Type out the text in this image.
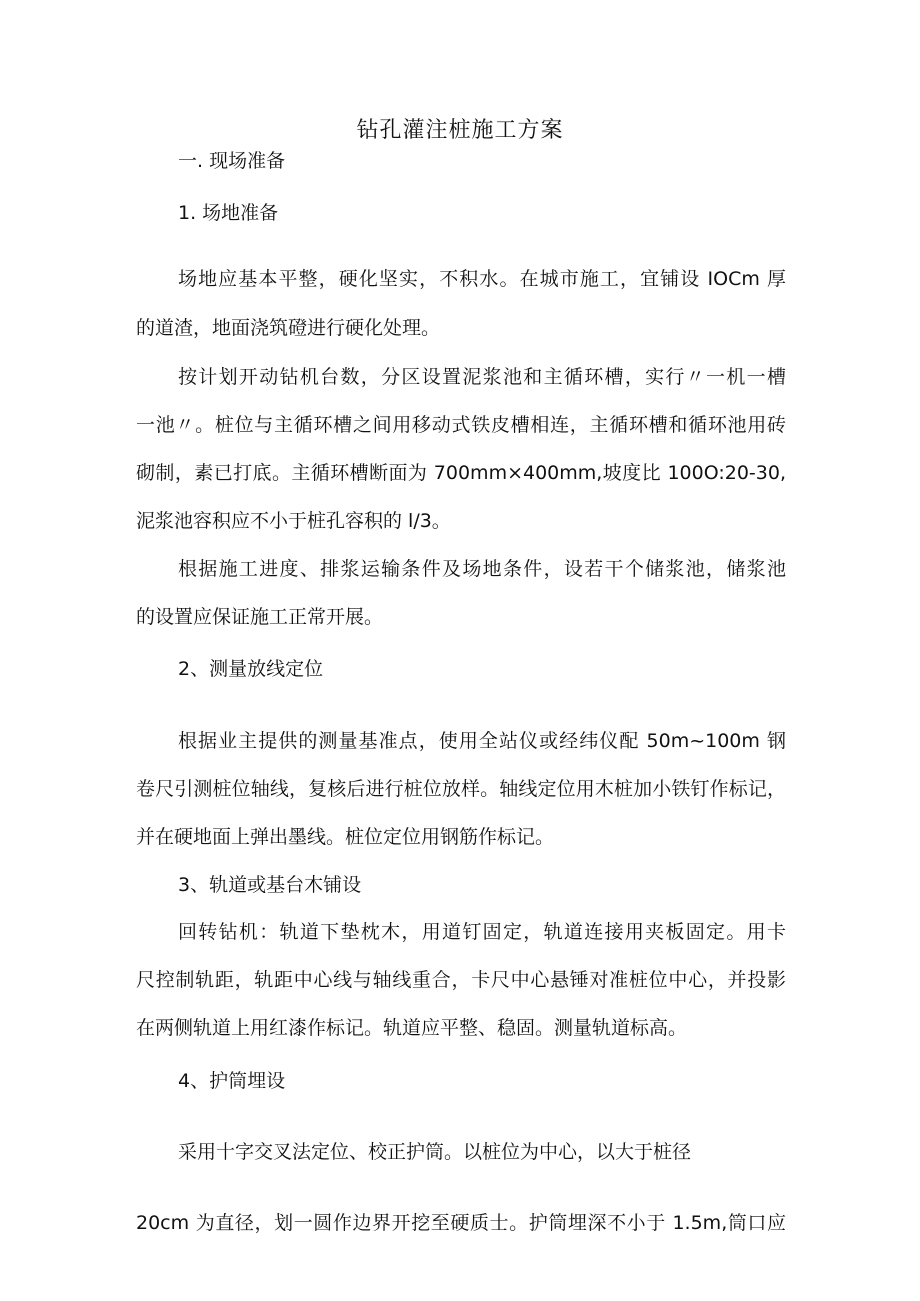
钻孔灌注桩施工方案

一. 现场准备

1. 场地准备

场地应基本平整，硬化坚实，不积水。在城市施工，宜铺设 IOCm 厚

的道渣，地面浇筑磴进行硬化处理。

按计划开动钻机台数，分区设置泥浆池和主循环槽，实行〃一机一槽

一池〃。桩位与主循环槽之间用移动式铁皮槽相连，主循环槽和循环池用砖

砌制，素已打底。主循环槽断面为 700mm×400mm,坡度比 100O:20-30,

泥浆池容积应不小于桩孔容积的 l/3。

根据施工进度、排浆运输条件及场地条件，设若干个储浆池，储浆池

的设置应保证施工正常开展。

2、测量放线定位

根据业主提供的测量基准点，使用全站仪或经纬仪配 50m~100m 钢

卷尺引测桩位轴线，复核后进行桩位放样。轴线定位用木桩加小铁钉作标记，

并在硬地面上弹出墨线。桩位定位用钢筋作标记。

3、轨道或基台木铺设

回转钻机：轨道下垫枕木，用道钉固定，轨道连接用夹板固定。用卡

尺控制轨距，轨距中心线与轴线重合，卡尺中心悬锤对准桩位中心，并投影

在两侧轨道上用红漆作标记。轨道应平整、稳固。测量轨道标高。

4、护筒埋设

采用十字交叉法定位、校正护筒。以桩位为中心，以大于桩径

20cm 为直径，划一圆作边界开挖至硬质士。护筒埋深不小于 1.5m,筒口应
